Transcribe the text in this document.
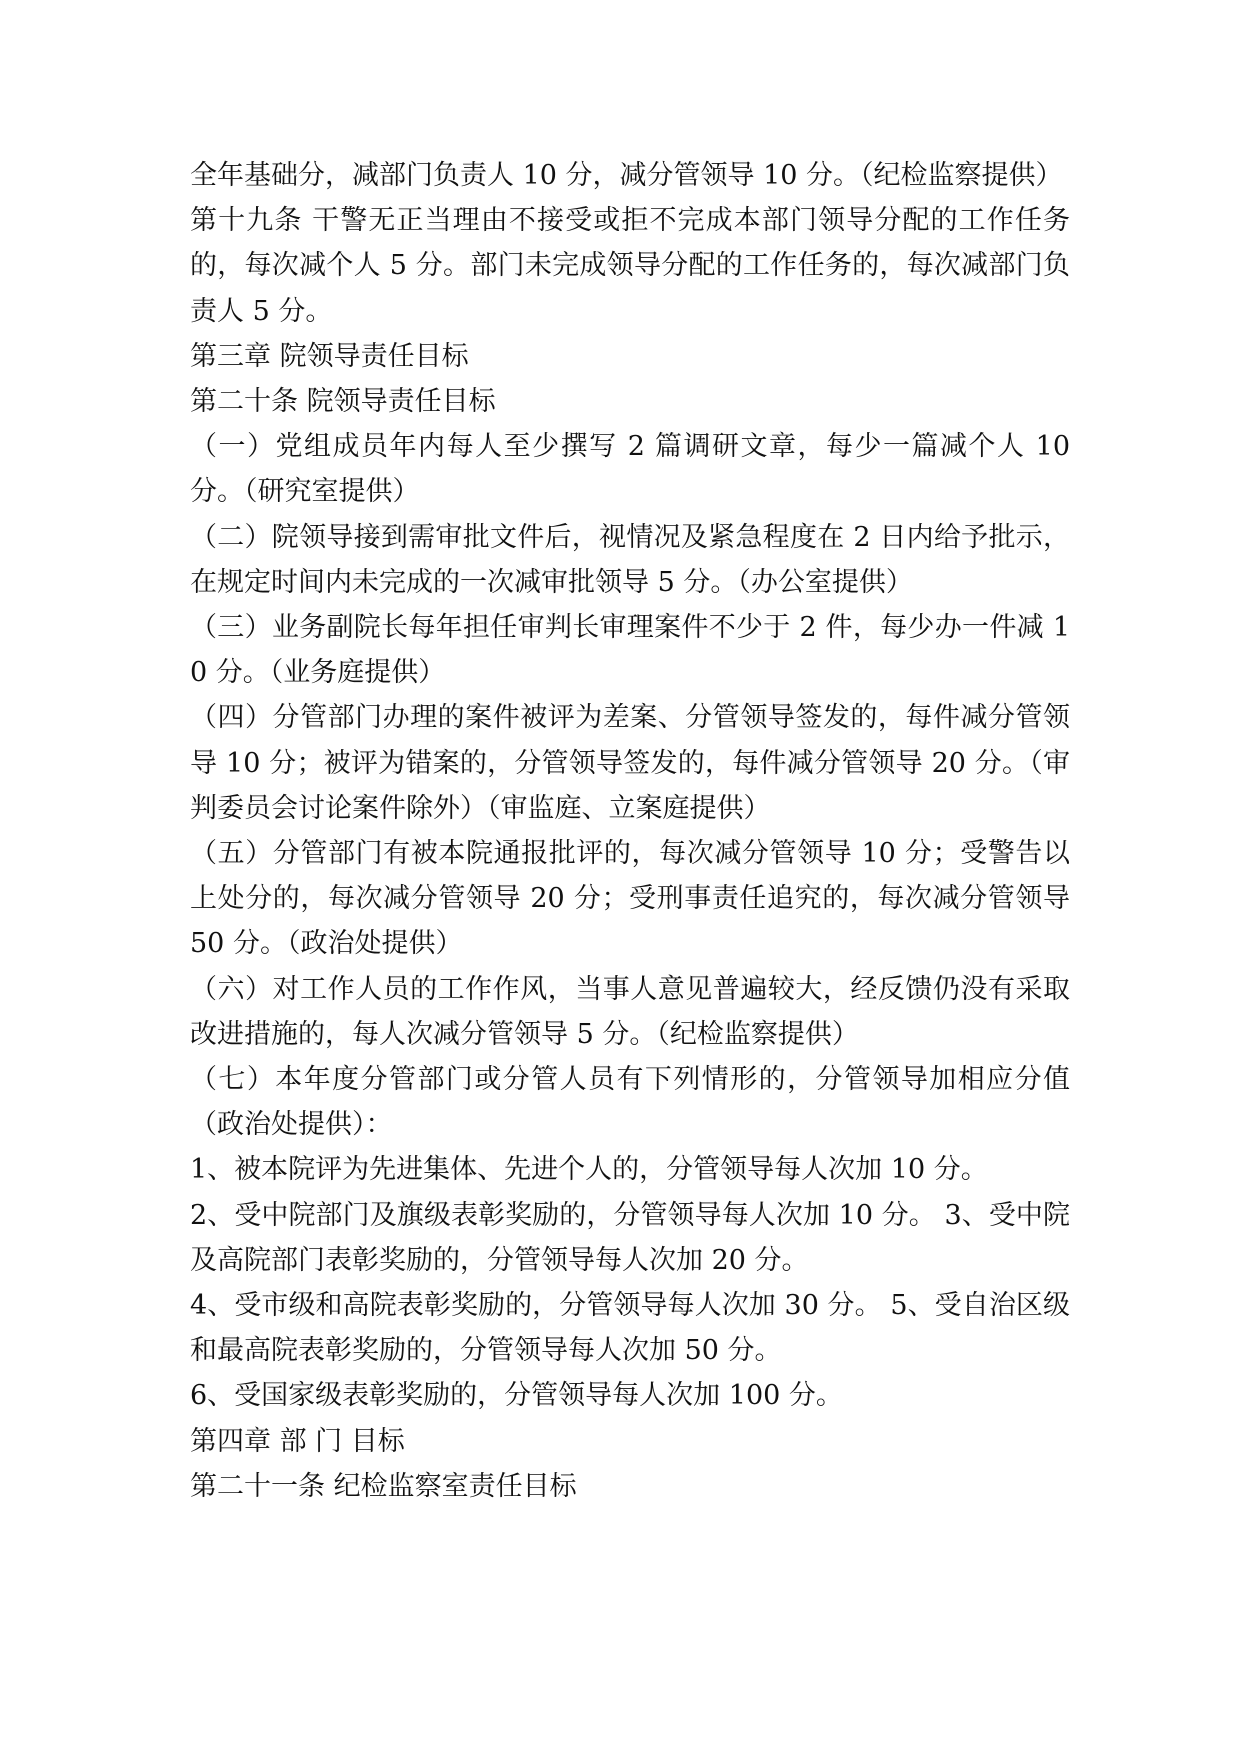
全年基础分，减部门负责人 10 分，减分管领导 10 分。（纪检监察提供）

第十九条 干警无正当理由不接受或拒不完成本部门领导分配的工作任务的，每次减个人 5 分。部门未完成领导分配的工作任务的，每次减部门负责人 5 分。

第三章 院领导责任目标

第二十条 院领导责任目标

（一）党组成员年内每人至少撰写 2 篇调研文章，每少一篇减个人 10 分。（研究室提供）

（二）院领导接到需审批文件后，视情况及紧急程度在 2 日内给予批示，在规定时间内未完成的一次减审批领导 5 分。（办公室提供）

（三）业务副院长每年担任审判长审理案件不少于 2 件，每少办一件减 10 分。（业务庭提供）

（四）分管部门办理的案件被评为差案、分管领导签发的，每件减分管领导 10 分；被评为错案的，分管领导签发的，每件减分管领导 20 分。（审判委员会讨论案件除外）（审监庭、立案庭提供）

（五）分管部门有被本院通报批评的，每次减分管领导 10 分；受警告以上处分的，每次减分管领导 20 分；受刑事责任追究的，每次减分管领导 50 分。（政治处提供）

（六）对工作人员的工作作风，当事人意见普遍较大，经反馈仍没有采取改进措施的，每人次减分管领导 5 分。（纪检监察提供）

（七）本年度分管部门或分管人员有下列情形的，分管领导加相应分值（政治处提供）：

1、被本院评为先进集体、先进个人的，分管领导每人次加 10 分。

2、受中院部门及旗级表彰奖励的，分管领导每人次加 10 分。 3、受中院及高院部门表彰奖励的，分管领导每人次加 20 分。

4、受市级和高院表彰奖励的，分管领导每人次加 30 分。 5、受自治区级和最高院表彰奖励的，分管领导每人次加 50 分。

6、受国家级表彰奖励的，分管领导每人次加 100 分。

第四章 部 门 目标

第二十一条 纪检监察室责任目标
